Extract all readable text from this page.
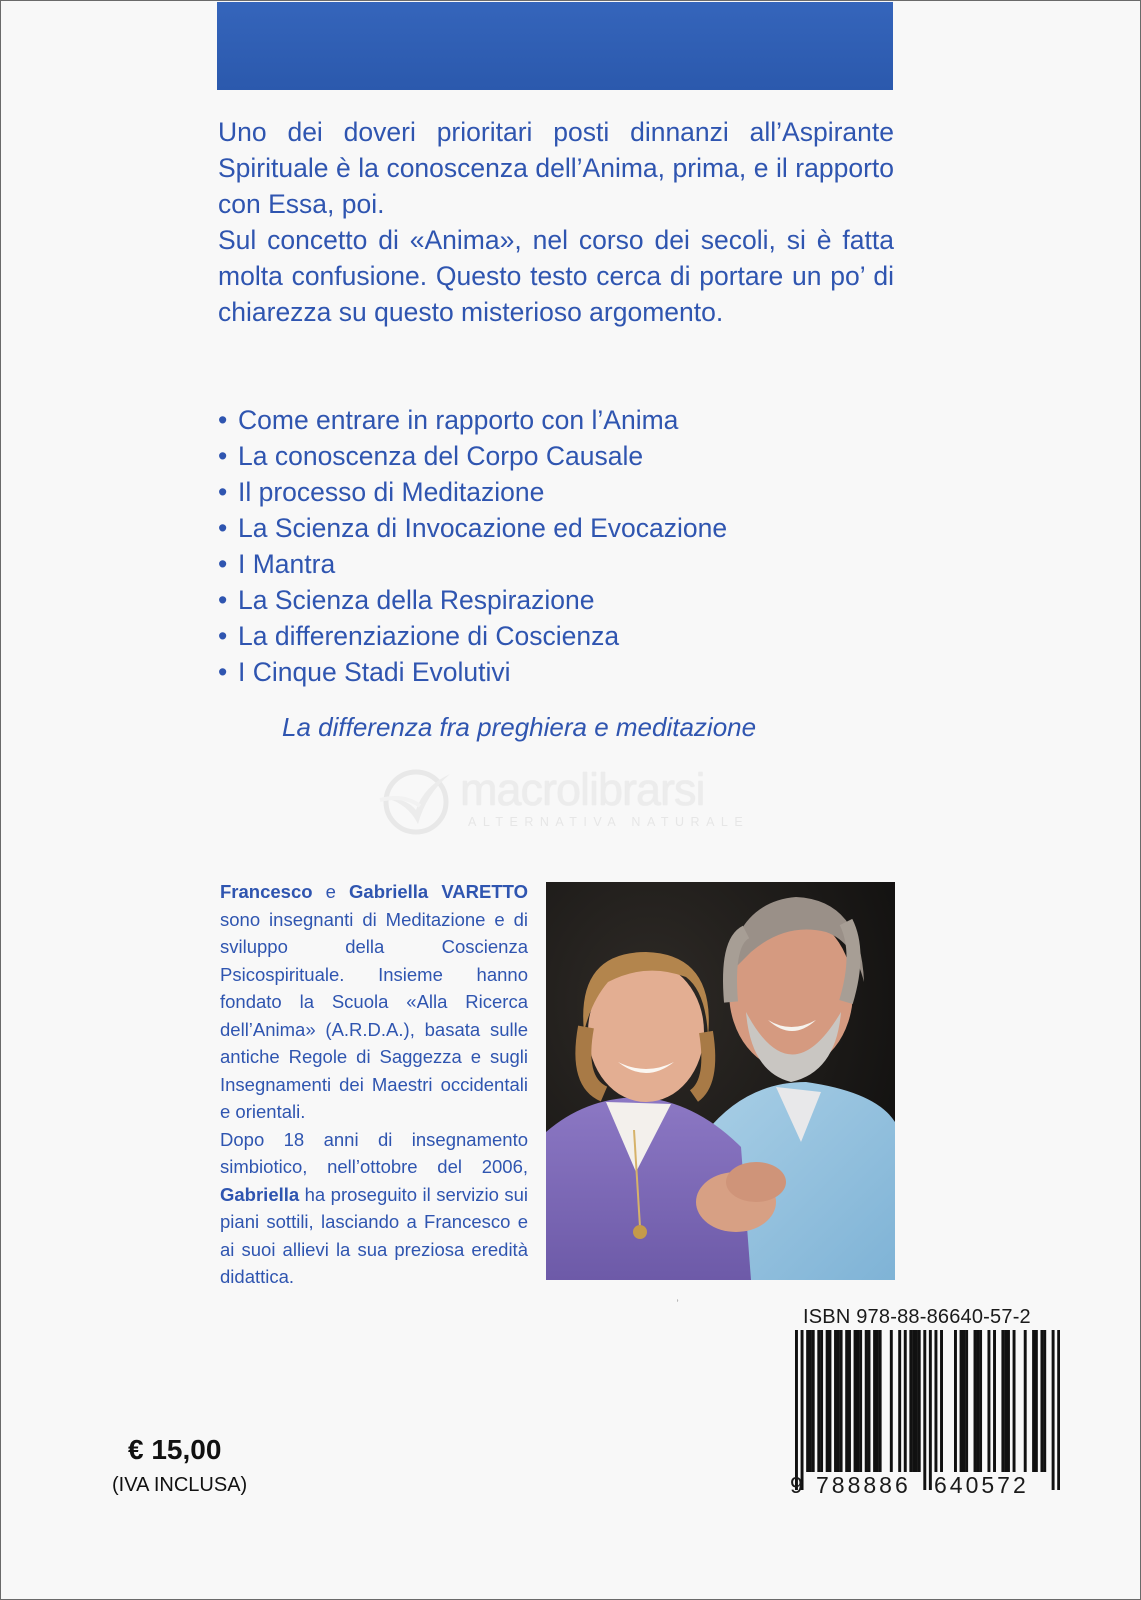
Uno dei doveri prioritari posti dinnanzi all’Aspirante Spirituale è la conoscenza dell’Anima, prima, e il rapporto con Essa, poi.

Sul concetto di «Anima», nel corso dei secoli, si è fatta molta confusione. Questo testo cerca di portare un po’ di chiarezza su questo misterioso argomento.

• Come entrare in rapporto con l’Anima
• La conoscenza del Corpo Causale
• Il processo di Meditazione
• La Scienza di Invocazione ed Evocazione
• I Mantra
• La Scienza della Respirazione
• La differenziazione di Coscienza
• I Cinque Stadi Evolutivi
La differenza fra preghiera e meditazione
macrolibrarsi
ALTERNATIVA NATURALE

Francesco e Gabriella VARETTO sono insegnanti di Meditazione e di sviluppo della Coscienza Psicospirituale. Insieme hanno fondato la Scuola «Alla Ricerca dell’Anima» (A.R.D.A.), basata sulle antiche Regole di Saggezza e sugli Insegnamenti dei Maestri occidentali e orientali.

Dopo 18 anni di insegnamento simbiotico, nell’ottobre del 2006, Gabriella ha proseguito il servizio sui piani sottili, lasciando a Francesco e ai suoi allievi la sua preziosa eredità didattica.

˒
ISBN 978-88-86640-57-2
9 788886 640572
€ 15,00
(IVA INCLUSA)
